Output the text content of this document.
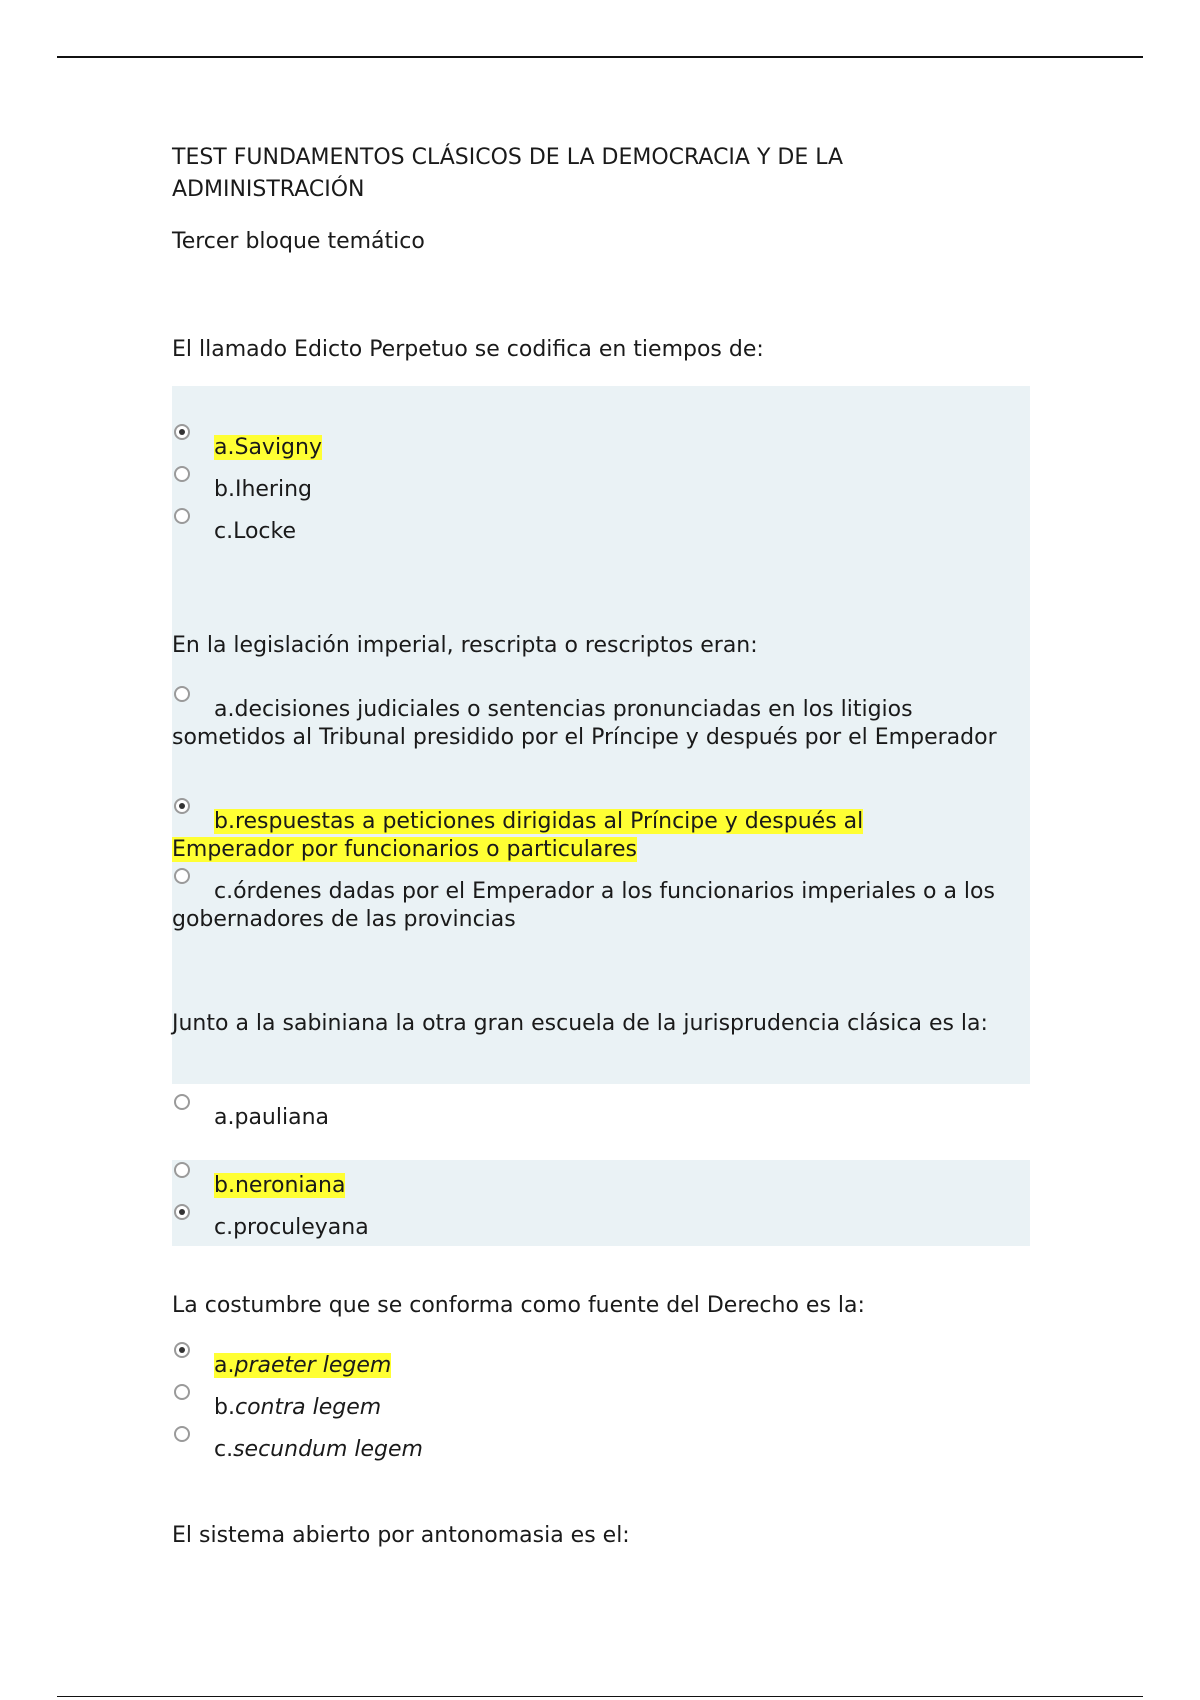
TEST FUNDAMENTOS CLÁSICOS DE LA DEMOCRACIA Y DE LA ADMINISTRACIÓN

Tercer bloque temático

El llamado Edicto Perpetuo se codifica en tiempos de:

a.Savigny
b.Ihering
c.Locke

En la legislación imperial, rescripta o rescriptos eran:

a.decisiones judiciales o sentencias pronunciadas en los litigios sometidos al Tribunal presidido por el Príncipe y después por el Emperador
b.respuestas a peticiones dirigidas al Príncipe y después al Emperador por funcionarios o particulares
c.órdenes dadas por el Emperador a los funcionarios imperiales o a los gobernadores de las provincias

Junto a la sabiniana la otra gran escuela de la jurisprudencia clásica es la:

a.pauliana
b.neroniana
c.proculeyana

La costumbre que se conforma como fuente del Derecho es la:

a.praeter legem
b.contra legem
c.secundum legem

El sistema abierto por antonomasia es el:
